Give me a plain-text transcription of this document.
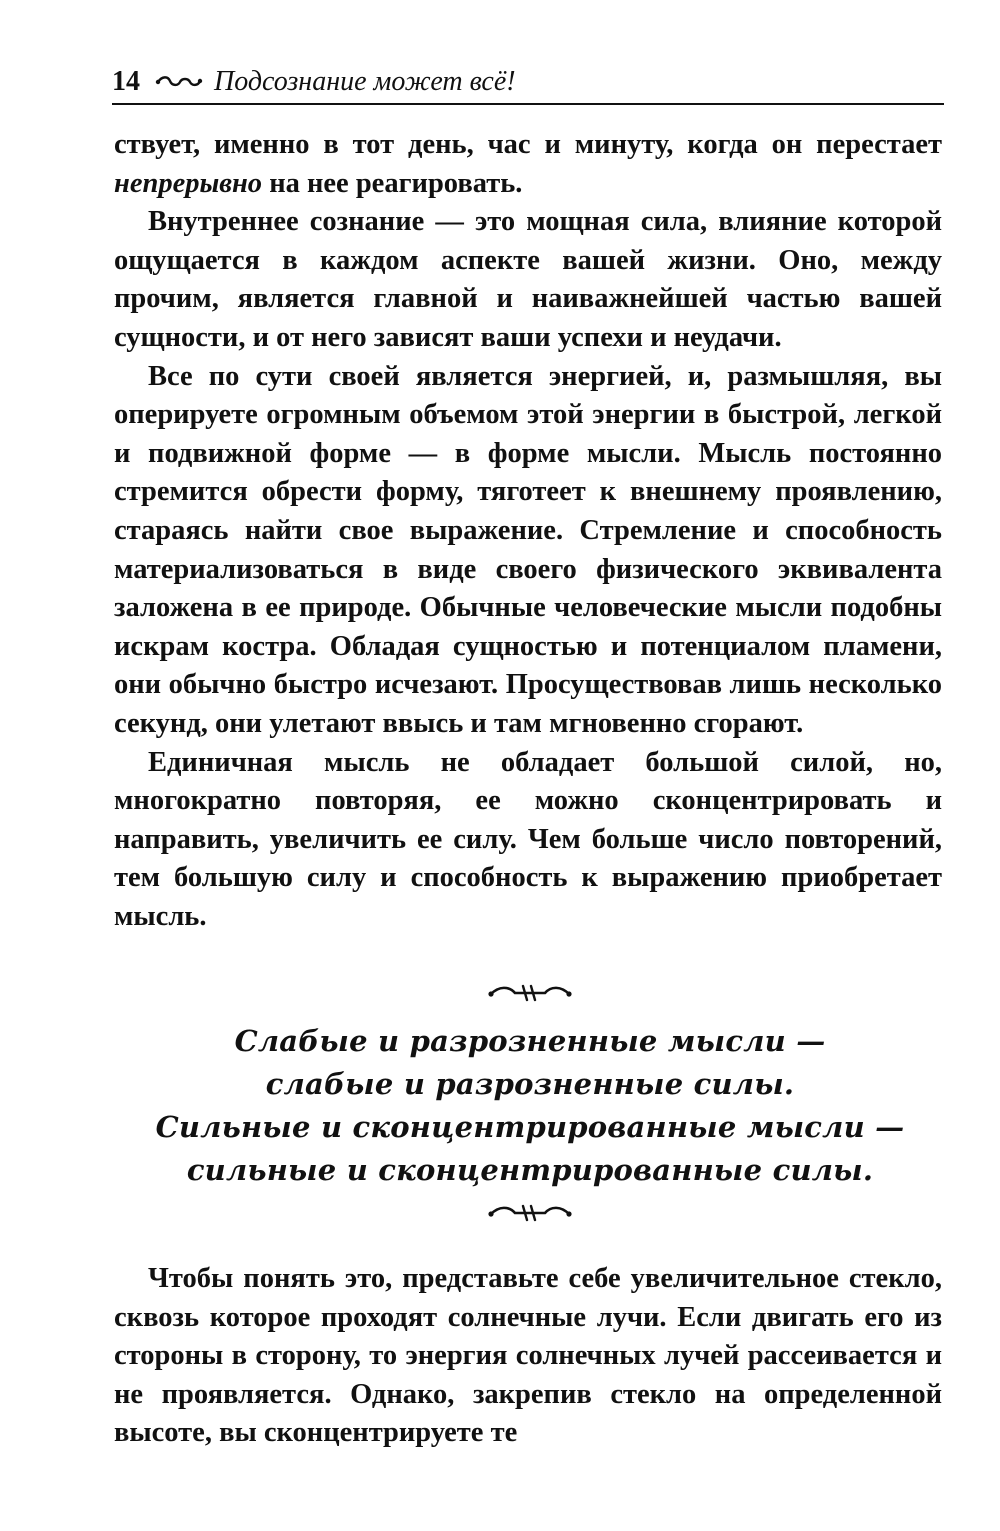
14	Подсознание может всё!

ствует, именно в тот день, час и минуту, когда он перестает непрерывно на нее реагировать.

Внутреннее сознание — это мощная сила, влияние которой ощущается в каждом аспекте вашей жизни. Оно, между прочим, является главной и наиважнейшей частью вашей сущности, и от него зависят ваши успехи и неудачи.

Все по сути своей является энергией, и, размышляя, вы оперируете огромным объемом этой энергии в быстрой, легкой и подвижной форме — в форме мысли. Мысль постоянно стремится обрести форму, тяготеет к внешнему проявлению, стараясь найти свое выражение. Стремление и способность материализоваться в виде своего физического эквивалента заложена в ее природе. Обычные человеческие мысли подобны искрам костра. Обладая сущностью и потенциалом пламени, они обычно быстро исчезают. Просуществовав лишь несколько секунд, они улетают ввысь и там мгновенно сгорают.

Единичная мысль не обладает большой силой, но, многократно повторяя, ее можно сконцентрировать и направить, увеличить ее силу. Чем больше число повторений, тем большую силу и способность к выражению приобретает мысль.

Слабые и разрозненные мысли —
слабые и разрозненные силы.
Сильные и сконцентрированные мысли —
сильные и сконцентрированные силы.

Чтобы понять это, представьте себе увеличительное стекло, сквозь которое проходят солнечные лучи. Если двигать его из стороны в сторону, то энергия солнечных лучей рассеивается и не проявляется. Однако, закрепив стекло на определенной высоте, вы сконцентрируете те
